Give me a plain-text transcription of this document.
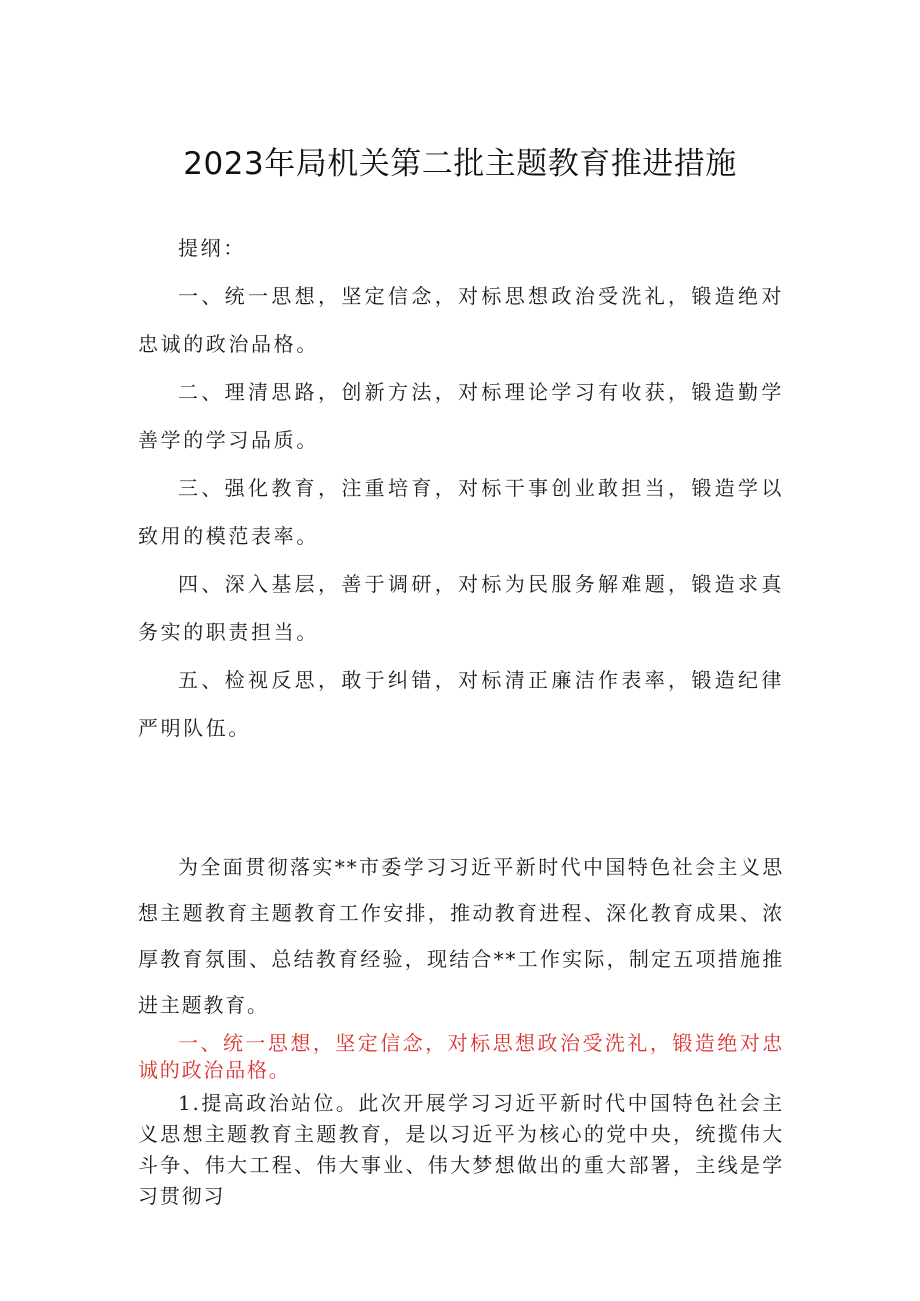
2023年局机关第二批主题教育推进措施

提纲：

一、统一思想，坚定信念，对标思想政治受洗礼，锻造绝对忠诚的政治品格。

二、理清思路，创新方法，对标理论学习有收获，锻造勤学善学的学习品质。

三、强化教育，注重培育，对标干事创业敢担当，锻造学以致用的模范表率。

四、深入基层，善于调研，对标为民服务解难题，锻造求真务实的职责担当。

五、检视反思，敢于纠错，对标清正廉洁作表率，锻造纪律严明队伍。

为全面贯彻落实**市委学习习近平新时代中国特色社会主义思想主题教育主题教育工作安排，推动教育进程、深化教育成果、浓厚教育氛围、总结教育经验，现结合**工作实际，制定五项措施推进主题教育。

一、统一思想，坚定信念，对标思想政治受洗礼，锻造绝对忠诚的政治品格。

1.提高政治站位。此次开展学习习近平新时代中国特色社会主义思想主题教育主题教育，是以习近平为核心的党中央，统揽伟大斗争、伟大工程、伟大事业、伟大梦想做出的重大部署，主线是学习贯彻习
